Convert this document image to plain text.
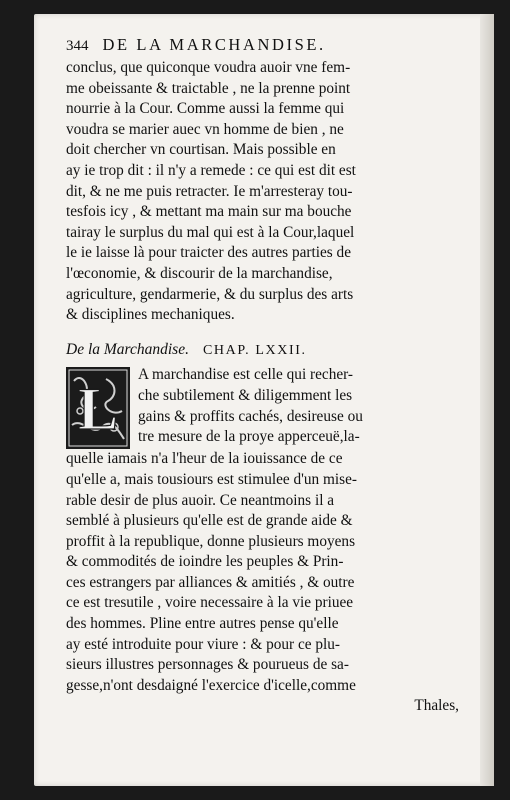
344 DE LA MARCHANDISE.
conclus, que quiconque voudra auoir vne fem-
me obeissante & traictable , ne la prenne point
nourrie à la Cour. Comme aussi la femme qui
voudra se marier auec vn homme de bien , ne
doit chercher vn courtisan. Mais possible en
ay ie trop dit : il n'y a remede : ce qui est dit est
dit, & ne me puis retracter. Ie m'arresteray tou-
tesfois icy , & mettant ma main sur ma bouche
tairay le surplus du mal qui est à la Cour,laquel
le ie laisse là pour traicter des autres parties de
l'œconomie, & discourir de la marchandise,
agriculture, gendarmerie, & du surplus des arts
& disciplines mechaniques.
De la Marchandise. CHAP. LXXII.
L
A marchandise est celle qui recher-
che subtilement & diligemment les
gains & proffits cachés, desireuse ou
tre mesure de la proye apperceuë,la-
quelle iamais n'a l'heur de la iouissance de ce
qu'elle a, mais tousiours est stimulee d'un mise-
rable desir de plus auoir. Ce neantmoins il a
semblé à plusieurs qu'elle est de grande aide &
proffit à la republique, donne plusieurs moyens
& commodités de ioindre les peuples & Prin-
ces estrangers par alliances & amitiés , & outre
ce est tresutile , voire necessaire à la vie priuee
des hommes. Pline entre autres pense qu'elle
ay esté introduite pour viure : & pour ce plu-
sieurs illustres personnages & pourueus de sa-
gesse,n'ont desdaigné l'exercice d'icelle,comme
Thales,
